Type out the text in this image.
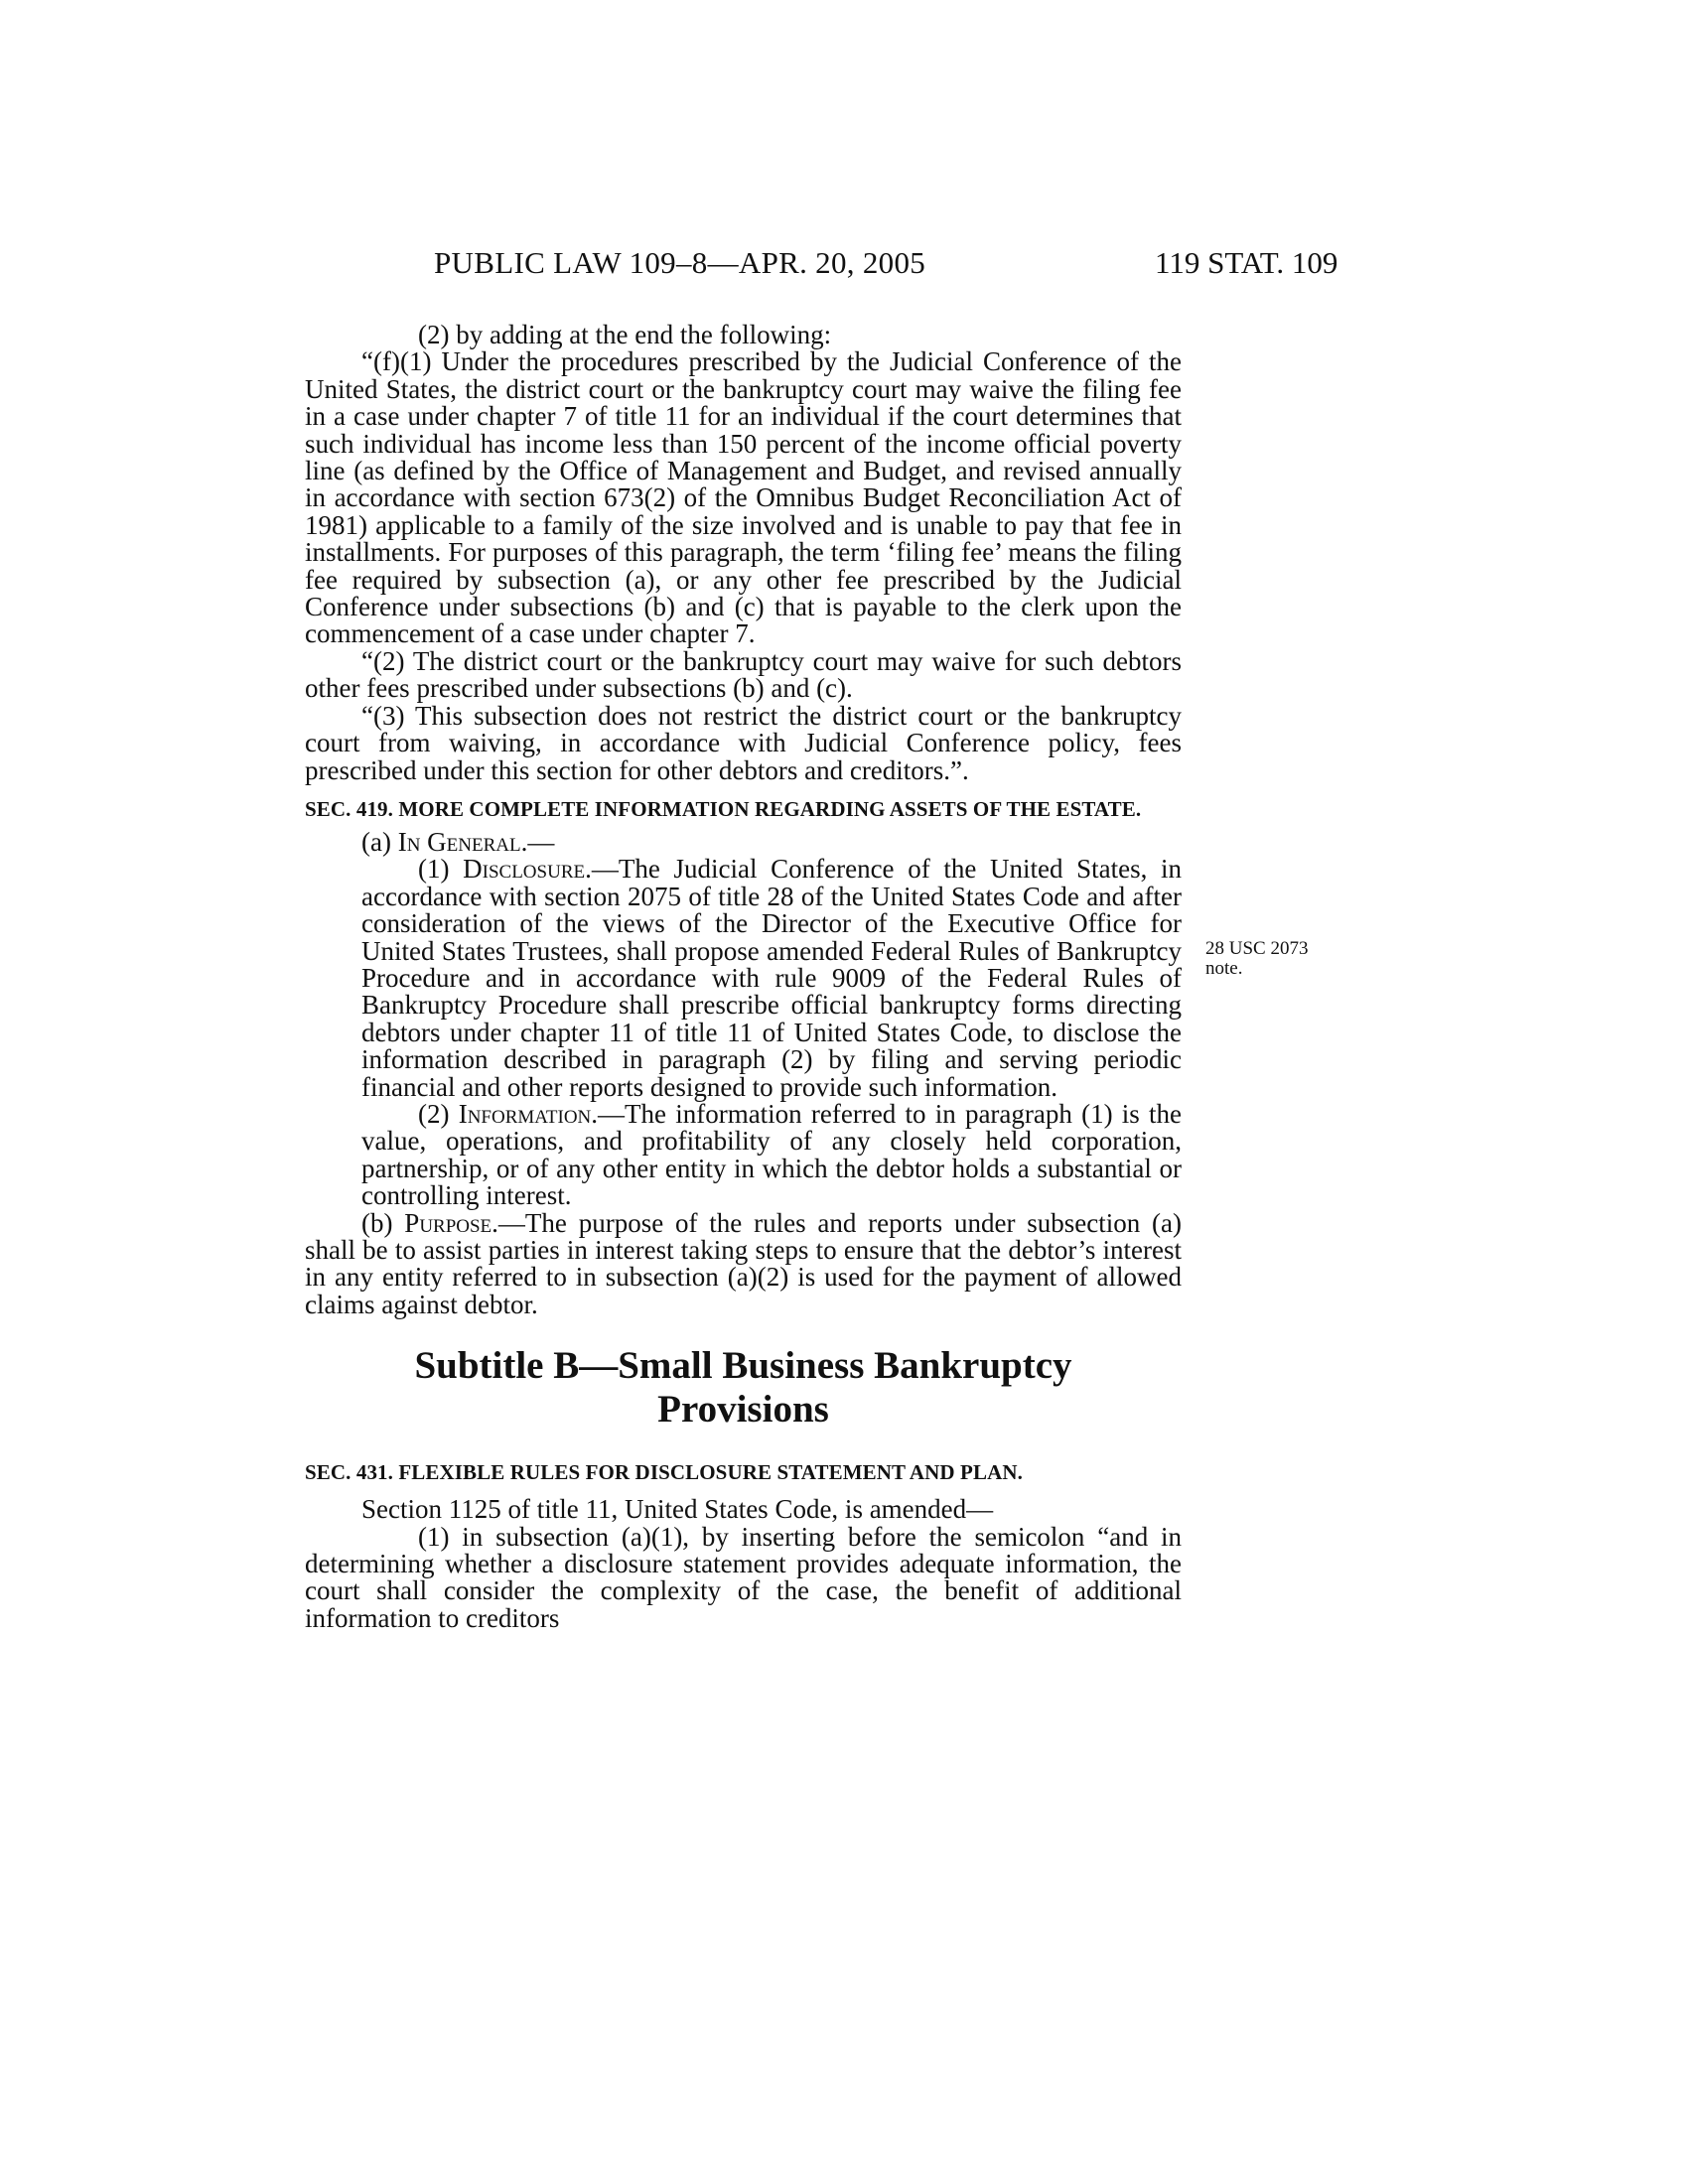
PUBLIC LAW 109–8—APR. 20, 2005	119 STAT. 109
28 USC 2073 note.

(2) by adding at the end the following:

“(f)(1) Under the procedures prescribed by the Judicial Conference of the United States, the district court or the bankruptcy court may waive the filing fee in a case under chapter 7 of title 11 for an individual if the court determines that such individual has income less than 150 percent of the income official poverty line (as defined by the Office of Management and Budget, and revised annually in accordance with section 673(2) of the Omnibus Budget Reconciliation Act of 1981) applicable to a family of the size involved and is unable to pay that fee in installments. For purposes of this paragraph, the term ‘filing fee’ means the filing fee required by subsection (a), or any other fee prescribed by the Judicial Conference under subsections (b) and (c) that is payable to the clerk upon the commencement of a case under chapter 7.

“(2) The district court or the bankruptcy court may waive for such debtors other fees prescribed under subsections (b) and (c).

“(3) This subsection does not restrict the district court or the bankruptcy court from waiving, in accordance with Judicial Conference policy, fees prescribed under this section for other debtors and creditors.”.

SEC. 419. MORE COMPLETE INFORMATION REGARDING ASSETS OF THE ESTATE.

(a) In General.—

(1) Disclosure.—The Judicial Conference of the United States, in accordance with section 2075 of title 28 of the United States Code and after consideration of the views of the Director of the Executive Office for United States Trustees, shall propose amended Federal Rules of Bankruptcy Procedure and in accordance with rule 9009 of the Federal Rules of Bankruptcy Procedure shall prescribe official bankruptcy forms directing debtors under chapter 11 of title 11 of United States Code, to disclose the information described in paragraph (2) by filing and serving periodic financial and other reports designed to provide such information.

(2) Information.—The information referred to in paragraph (1) is the value, operations, and profitability of any closely held corporation, partnership, or of any other entity in which the debtor holds a substantial or controlling interest.

(b) Purpose.—The purpose of the rules and reports under subsection (a) shall be to assist parties in interest taking steps to ensure that the debtor’s interest in any entity referred to in subsection (a)(2) is used for the payment of allowed claims against debtor.

Subtitle B—Small Business Bankruptcy Provisions
SEC. 431. FLEXIBLE RULES FOR DISCLOSURE STATEMENT AND PLAN.

Section 1125 of title 11, United States Code, is amended—

(1) in subsection (a)(1), by inserting before the semicolon “and in determining whether a disclosure statement provides adequate information, the court shall consider the complexity of the case, the benefit of additional information to creditors
